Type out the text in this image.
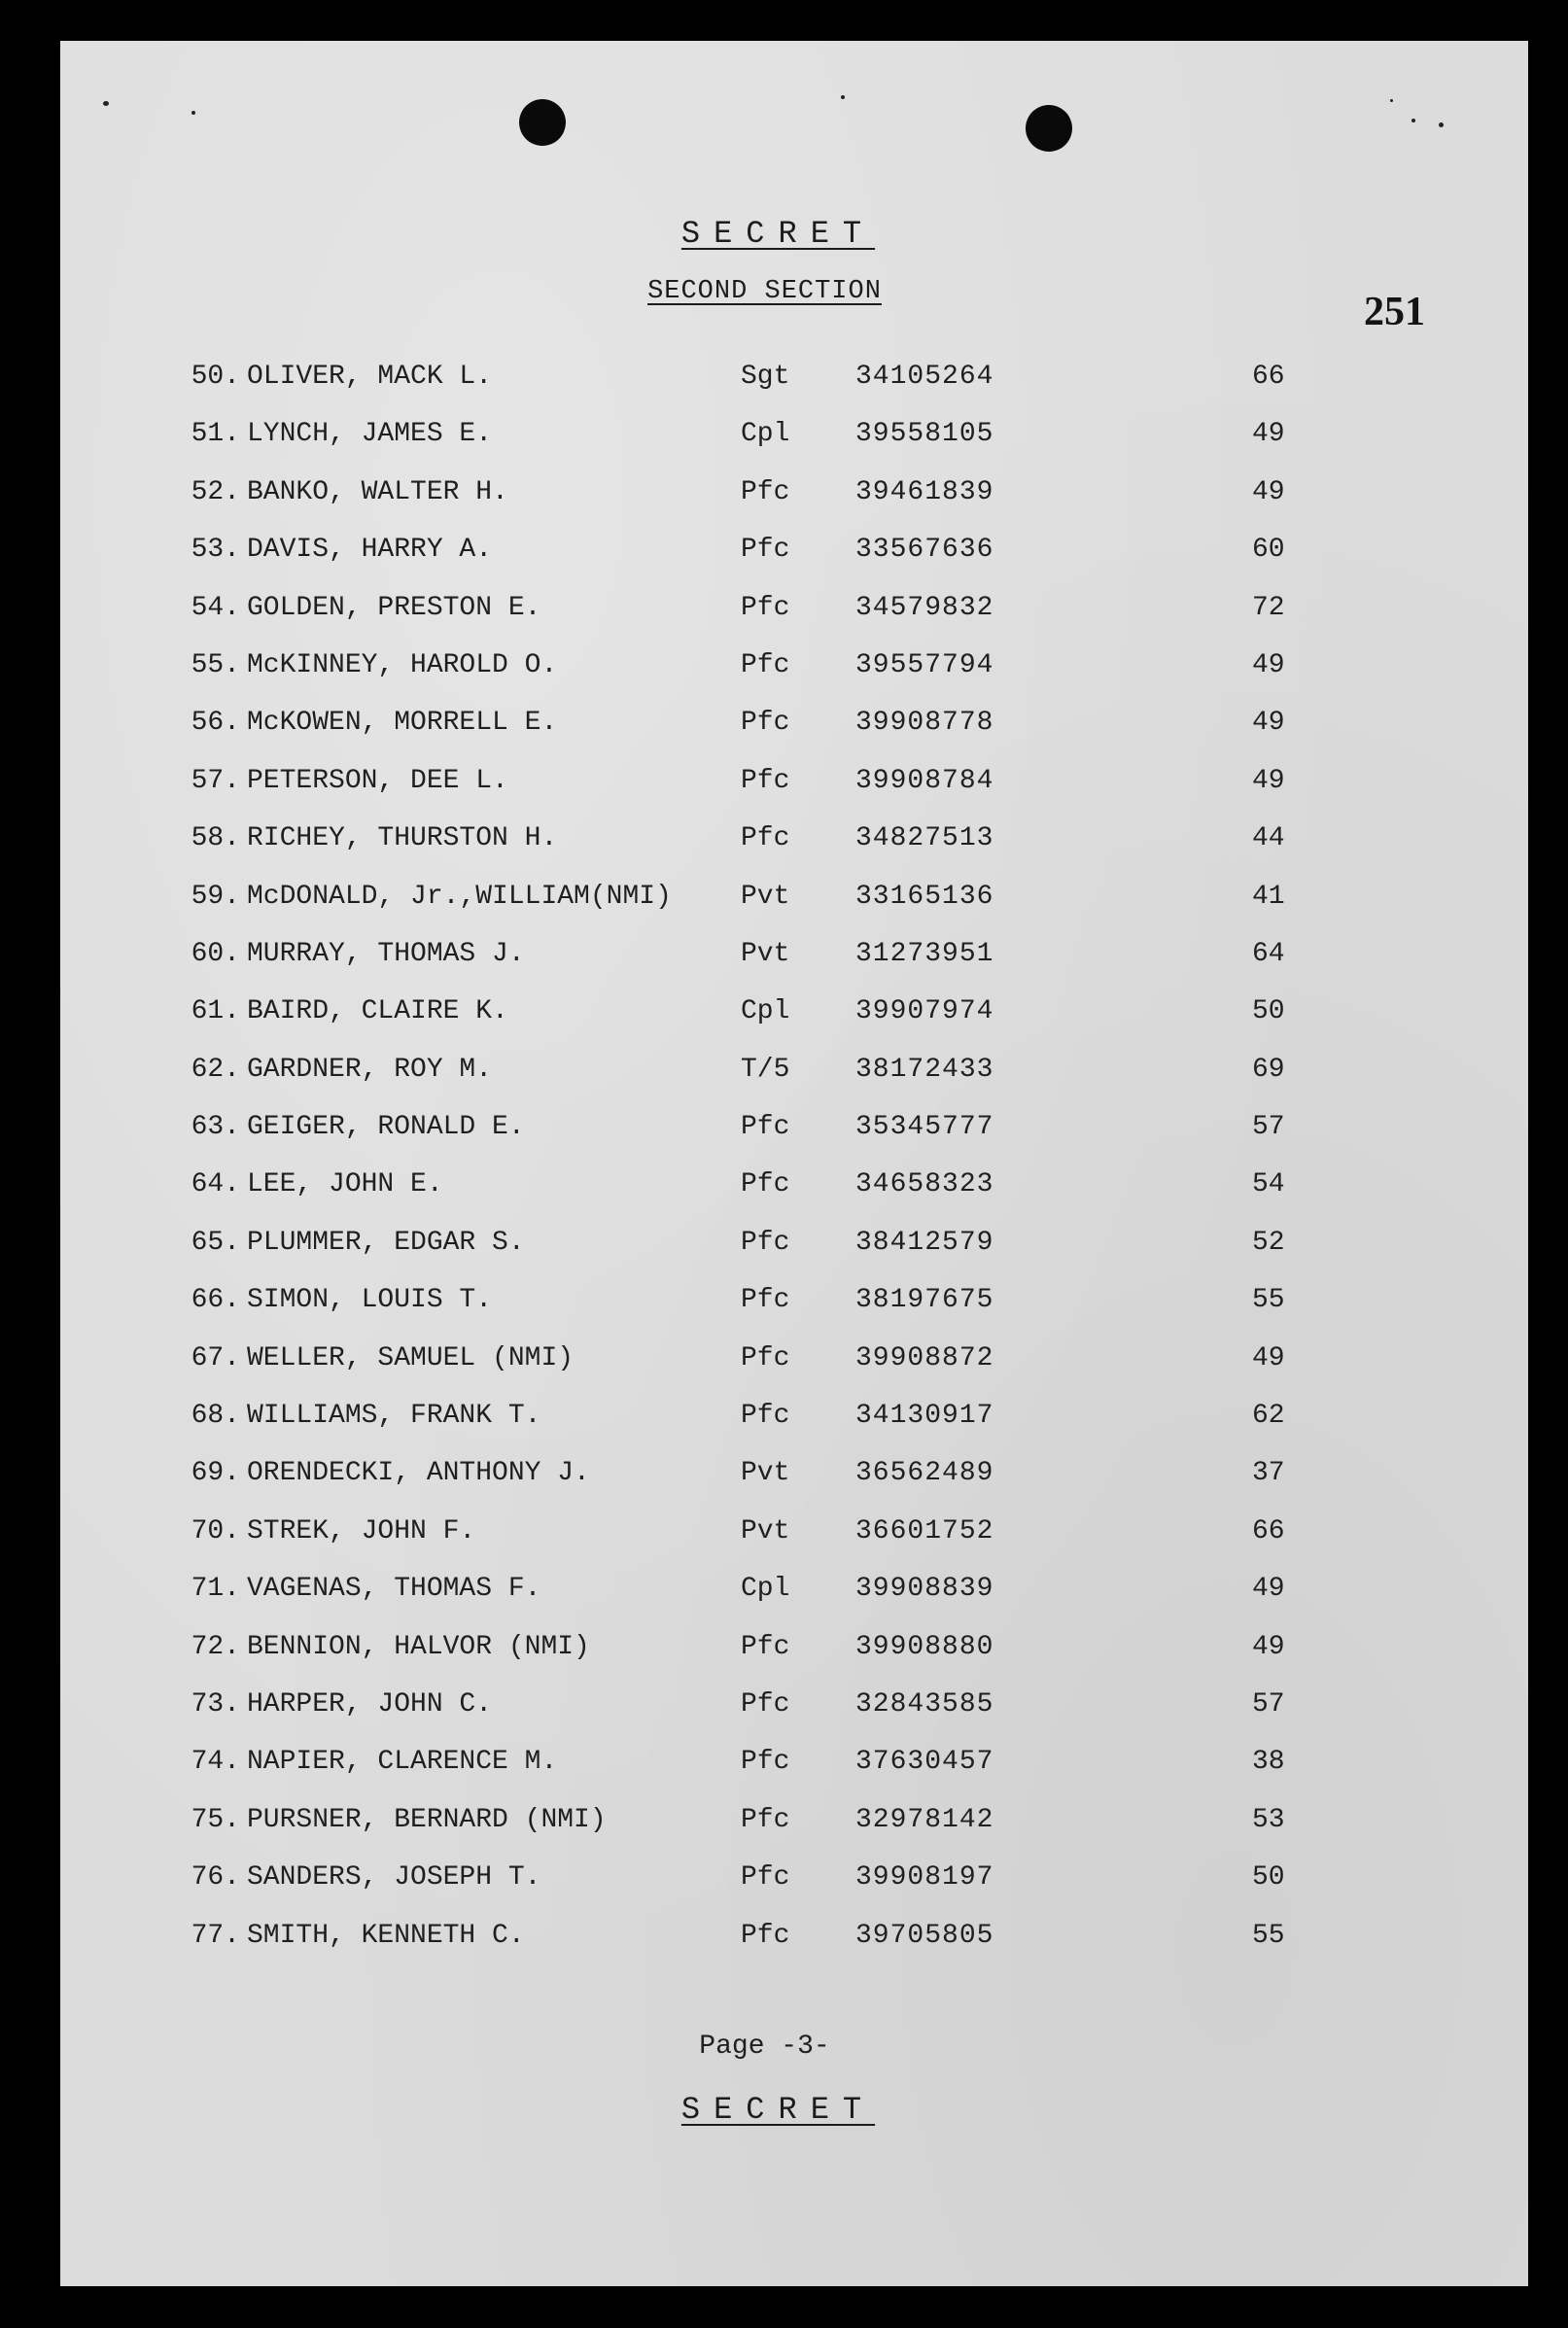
SECRET
SECOND SECTION	251
50. OLIVER, MACK L.	Sgt 34105264	66
51. LYNCH, JAMES E.	Cpl 39558105	49
52. BANKO, WALTER H.	Pfc 39461839	49
53. DAVIS, HARRY A.	Pfc 33567636	60
54. GOLDEN, PRESTON E.	Pfc 34579832	72
55. McKINNEY, HAROLD O.	Pfc 39557794	49
56. McKOWEN, MORRELL E.	Pfc 39908778	49
57. PETERSON, DEE L.	Pfc 39908784	49
58. RICHEY, THURSTON H.	Pfc 34827513	44
59. McDONALD, Jr.,WILLIAM(NMI)	Pvt 33165136	41
60. MURRAY, THOMAS J.	Pvt 31273951	64
61. BAIRD, CLAIRE K.	Cpl 39907974	50
62. GARDNER, ROY M.	T/5 38172433	69
63. GEIGER, RONALD E.	Pfc 35345777	57
64. LEE, JOHN E.	Pfc 34658323	54
65. PLUMMER, EDGAR S.	Pfc 38412579	52
66. SIMON, LOUIS T.	Pfc 38197675	55
67. WELLER, SAMUEL (NMI)	Pfc 39908872	49
68. WILLIAMS, FRANK T.	Pfc 34130917	62
69. ORENDECKI, ANTHONY J.	Pvt 36562489	37
70. STREK, JOHN F.	Pvt 36601752	66
71. VAGENAS, THOMAS F.	Cpl 39908839	49
72. BENNION, HALVOR (NMI)	Pfc 39908880	49
73. HARPER, JOHN C.	Pfc 32843585	57
74. NAPIER, CLARENCE M.	Pfc 37630457	38
75. PURSNER, BERNARD (NMI)	Pfc 32978142	53
76. SANDERS, JOSEPH T.	Pfc 39908197	50
77. SMITH, KENNETH C.	Pfc 39705805	55
Page -3-
SECRET
